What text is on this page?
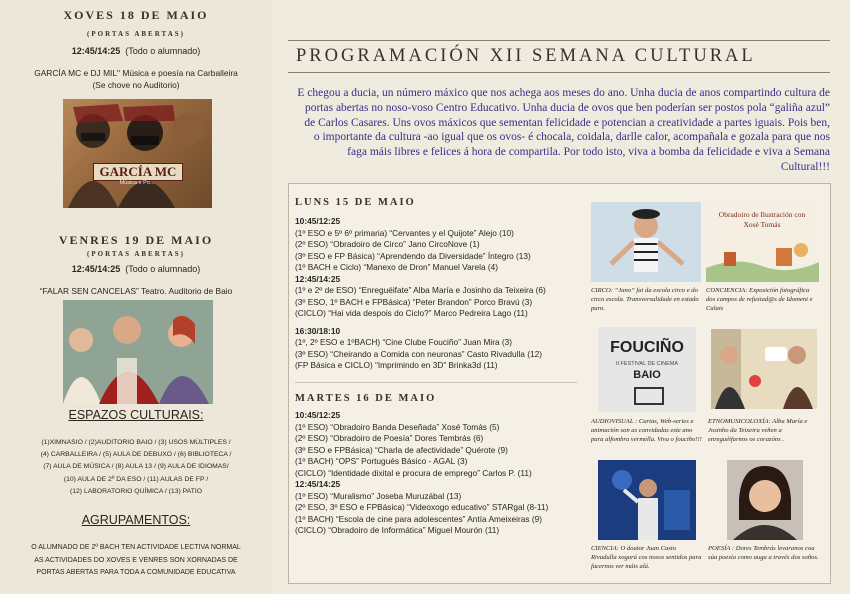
XOVES 18 DE MAIO
(PORTAS ABERTAS)
12:45/14:25 (Todo o alumnado)
GARCÍA MC e DJ MIL" Música e poesía na Carballeira
(Se chove no Auditorio)
GARCÍA MC
Música e Po...
VENRES 19 DE MAIO
(PORTAS ABERTAS)
12:45/14:25 (Todo o alumnado)
“FALAR SEN CANCELAS” Teatro. Auditorio de Baio
ESPAZOS CULTURAIS:
(1)XIMNASIO / (2)AUDITORIO BAIO / (3) USOS MÚLTIPLES /
(4) CARBALLEIRA / (5) AULA DE DEBUXO / (6) BIBLIOTECA /
(7) AULA DE MÚSICA / (8) AULA 13 / (9) AULA DE IDIOMAS/
(10) AULA DE 2º DA ESO / (11) AULAS DE FP /
(12) LABORATORIO QUÍMICA / (13) PATIO
AGRUPAMENTOS:
O ALUMNADO DE 2º BACH TEN ACTIVIDADE LECTIVA NORMAL
AS ACTIVIDADES DO XOVES E VENRES SON XORNADAS DE
PORTAS ABERTAS PARA TODA A COMUNIDADE EDUCATIVA
PROGRAMACIÓN XII SEMANA CULTURAL
E chegou a ducia, un número máxico que nos achega aos meses do ano. Unha ducia de anos compartindo cultura de portas abertas no noso-voso Centro Educativo. Unha ducia de ovos que ben poderían ser postos pola “galiña azul” de Carlos Casares. Uns ovos máxicos que sementan felicidade e potencian a creatividade a partes iguais. Pois ben, o importante da cultura -ao igual que os ovos- é chocala, coidala, darlle calor, acompañala e gozala para que nos faga máis libres e felices á hora de compartila. Por todo isto, viva a bomba da felicidade e viva a Semana Cultural!!!
LUNS 15 DE MAIO
10:45/12:25
(1º ESO e 5º 6º primaria) “Cervantes y el Quijote” Alejo (10)
(2º ESO) “Obradoiro de Circo” Jano CircoNove (1)
(3º ESO e FP Básica) “Aprendendo da Diversidade” Íntegro (13)
(1º BACH e Ciclo) “Manexo de Dron” Manuel Varela (4)
12:45/14:25
(1º e 2º de ESO) “Enreguéifate” Alba María e Josinho da Teixeira (6)
(3º ESO, 1º BACH e FPBásica) “Peter Brandon” Porco Bravú (3)
(CICLO) “Hai vida despois do Ciclo?” Marco Pedreira Lago (11)
16:30/18:10
(1º, 2º ESO e 1ºBACH) “Cine Clube Fouciño” Juan Mira (3)
(3º ESO) “Cheirando a Comida con neuronas” Casto Rivadulla (12)
(FP Básica e CICLO) “Imprimindo en 3D” Brinka3d (11)
MARTES 16 DE MAIO
10:45/12:25
(1º ESO) “Obradoiro Banda Deseñada” Xosé Tomás (5)
(2º ESO) “Obradoiro de Poesía” Dores Tembrás (6)
(3º ESO e FPBásica) “Charla de afectividade” Quérote (9)
(1º BACH) “OPS” Portugués Básico - AGAL (3)
(CICLO) “Identidade dixital e procura de emprego” Carlos P. (11)
12:45/14:25
(1º ESO) “Muralismo” Joseba Muruzábal (13)
(2º ESO, 3º ESO e FPBásica) “Videoxogo educativo” STARgal (8-11)
(1º BACH) “Escola de cine para adolescentes” Antía Ameixeiras (9)
(CICLO) “Obradoiro de Informática” Miguel Mourón (11)
Obradoiro de Ilustración con Xosé Tomás
CIRCO: “Jano” fai da escola circo e do circo escola. Transversalidade en estado puro.
CONCIENCIA: Exposición fotográfica dos campos de refuxiad@s de Idomeni e Calais
FOUCIÑO
II FESTIVAL DE CINEMA
BAIO
AUDIOVISUAL : Curtas, Web-series e animación son as convidadas este ano para alfombra vermella. Viva o fouciño!!!
ETNOMUSICOLOXÍA: Alba María e Josinho da Teixeira veñen a enreguéifarnos os corazóns .
CIENCIA: O doutor Juan Casto Rivadulla xogará cos nosos sentidos para facernos ver máis alá.
POESÍA : Dores Tembrás levaranos coa súa poesía como auga a través dos soños.
